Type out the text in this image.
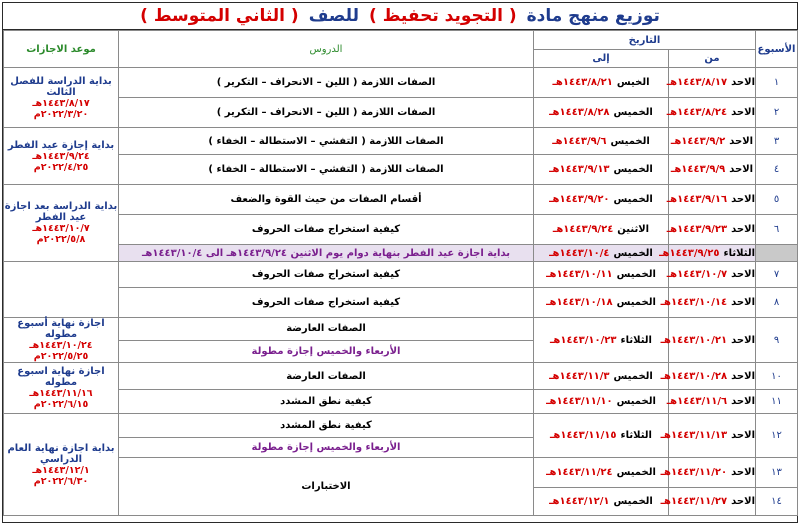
توزيع منهج مادة
( التجويد تحفيظ )
للصف
( الثاني المتوسط )
الأسبوع	التاريخ		الدروس	موعد الاجازات
	من	إلى		
١	الاحد١٤٤٣/٨/١٧هـ	الخيس١٤٤٣/٨/٢١هـ	الصفات اللازمة ( اللين – الانحراف – التكرير )	بداية الدراسة للفصل الثالث
١٤٤٣/٨/١٧هـ
٢٠٢٢/٣/٢٠م

٢	الاحد١٤٤٣/٨/٢٤هـ	الخميس١٤٤٣/٨/٢٨هـ	الصفات اللازمة ( اللين – الانحراف – التكرير )	
٣	الاحد١٤٤٣/٩/٢هـ	الخميس١٤٤٣/٩/٦هـ	الصفات اللازمة ( التفشي – الاستطالة – الخفاء )	بداية إجازة عيد الفطر
١٤٤٣/٩/٢٤هـ
٢٠٢٢/٤/٢٥م

٤	الاحد١٤٤٣/٩/٩هـ	الخميس١٤٤٣/٩/١٣هـ	الصفات اللازمة ( التفشي – الاستطالة – الخفاء )	
٥	الاحد١٤٤٣/٩/١٦هـ	الخميس١٤٤٣/٩/٢٠هـ	أقسام الصفات من حيث القوة والضعف	بداية الدراسة بعد اجازة عيد الفطر
١٤٤٣/١٠/٧هـ
٢٠٢٢/٥/٨م

٦	الاحد١٤٤٣/٩/٢٣هـ	الاثنين١٤٤٣/٩/٢٤هـ	كيفية استخراج صفات الحروف	
	الثلاثاء١٤٤٣/٩/٢٥هـ	الخميس١٤٤٣/١٠/٤هـ	بداية اجازة عيد الفطر بنهاية دوام يوم الاثنين ١٤٤٣/٩/٢٤هـ الى ١٤٤٣/١٠/٤هـ	
٧	الاحد١٤٤٣/١٠/٧هـ	الخميس١٤٤٣/١٠/١١هـ	كيفية استخراج صفات الحروف	
٨	الاحد١٤٤٣/١٠/١٤هـ	الخميس١٤٤٣/١٠/١٨هـ	كيفية استخراج صفات الحروف	
٩	الاحد١٤٤٣/١٠/٢١هـ	الثلاثاء١٤٤٣/١٠/٢٣هـ	الصفات العارضة	اجازة نهاية أسبوع مطوله
١٤٤٣/١٠/٢٤هـ
٢٠٢٢/٥/٢٥م

			الأربعاء والخميس إجازة مطولة	
١٠	الاحد١٤٤٣/١٠/٢٨هـ	الخميس١٤٤٣/١١/٣هـ	الصفات العارضة	اجازة نهاية اسبوع مطوله
١٤٤٣/١١/١٦هـ
٢٠٢٢/٦/١٥م

١١	الاحد١٤٤٣/١١/٦هـ	الخميس١٤٤٣/١١/١٠هـ	كيفية نطق المشدد	
١٢	الاحد١٤٤٣/١١/١٣هـ	الثلاثاء١٤٤٣/١١/١٥هـ	كيفية نطق المشدد	بداية اجازة نهاية العام الدراسي
١٤٤٣/١٢/١هـ
٢٠٢٢/٦/٣٠م

			الأربعاء والخميس إجازة مطولة	
١٣	الاحد١٤٤٣/١١/٢٠هـ	الخميس١٤٤٣/١١/٢٤هـ	الاختبارات	
١٤	الاحد١٤٤٣/١١/٢٧هـ	الخميس١٤٤٣/١٢/١هـ		
